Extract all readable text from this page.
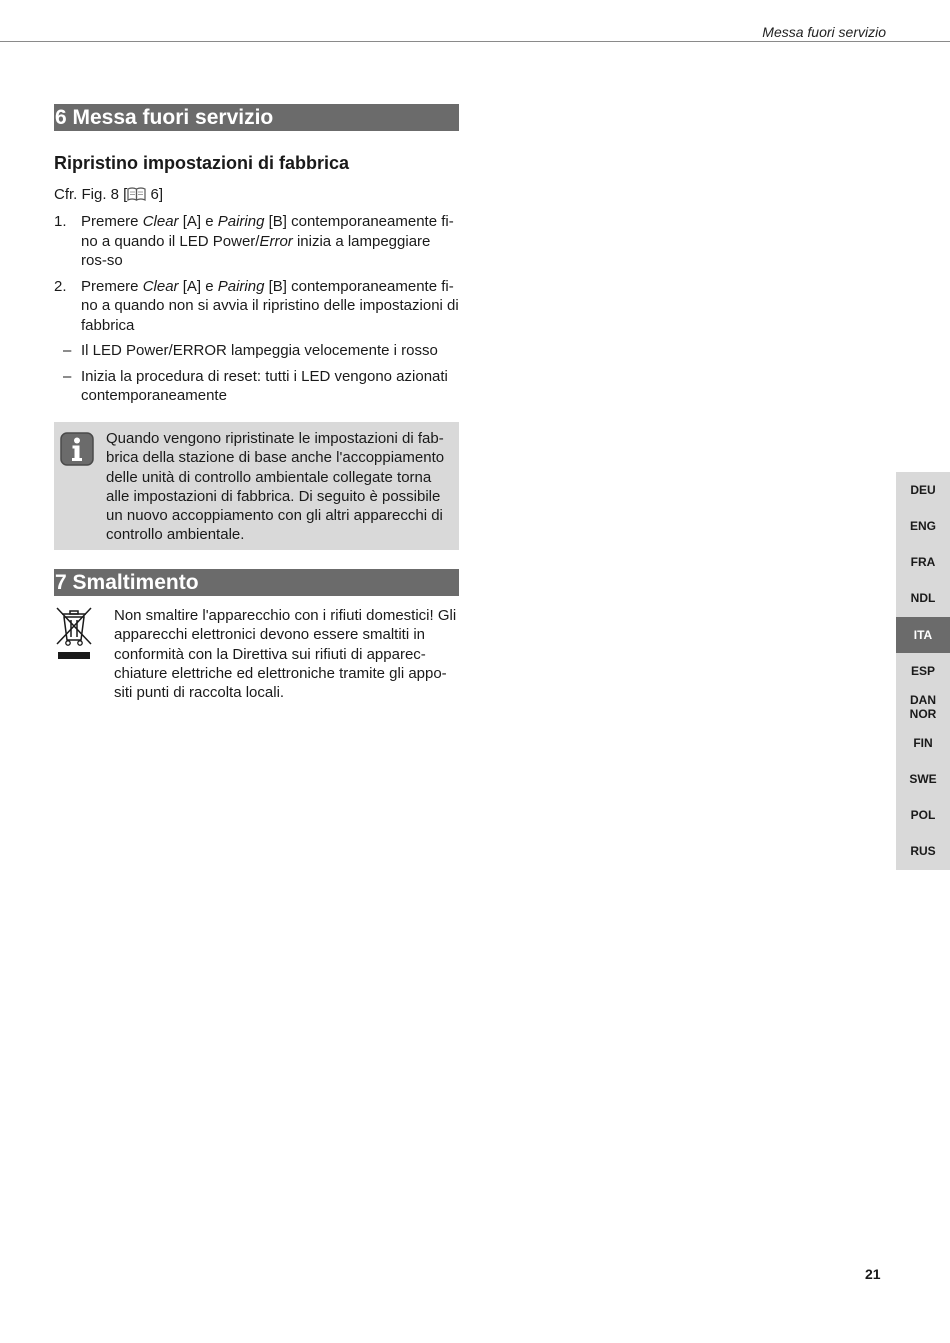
Messa fuori servizio
6 Messa fuori servizio
Ripristino impostazioni di fabbrica
Cfr. Fig. 8 [ 6]
1. Premere Clear [A] e Pairing [B] contemporaneamente fi-no a quando il LED Power/Error inizia a lampeggiare ros-so
2. Premere Clear [A] e Pairing [B] contemporaneamente fi-no a quando non si avvia il ripristino delle impostazioni di fabbrica
– Il LED Power/ERROR lampeggia velocemente i rosso
– Inizia la procedura di reset: tutti i LED vengono azionati contemporaneamente
Quando vengono ripristinate le impostazioni di fab-brica della stazione di base anche l'accoppiamento delle unità di controllo ambientale collegate torna alle impostazioni di fabbrica. Di seguito è possibile un nuovo accoppiamento con gli altri apparecchi di controllo ambientale.
7 Smaltimento
Non smaltire l'apparecchio con i rifiuti domestici! Gli apparecchi elettronici devono essere smaltiti in conformità con la Direttiva sui rifiuti di apparec-chiature elettriche ed elettroniche tramite gli appo-siti punti di raccolta locali.
DEU
ENG
FRA
NDL
ITA
ESP
DAN
NOR
FIN
SWE
POL
RUS
21
